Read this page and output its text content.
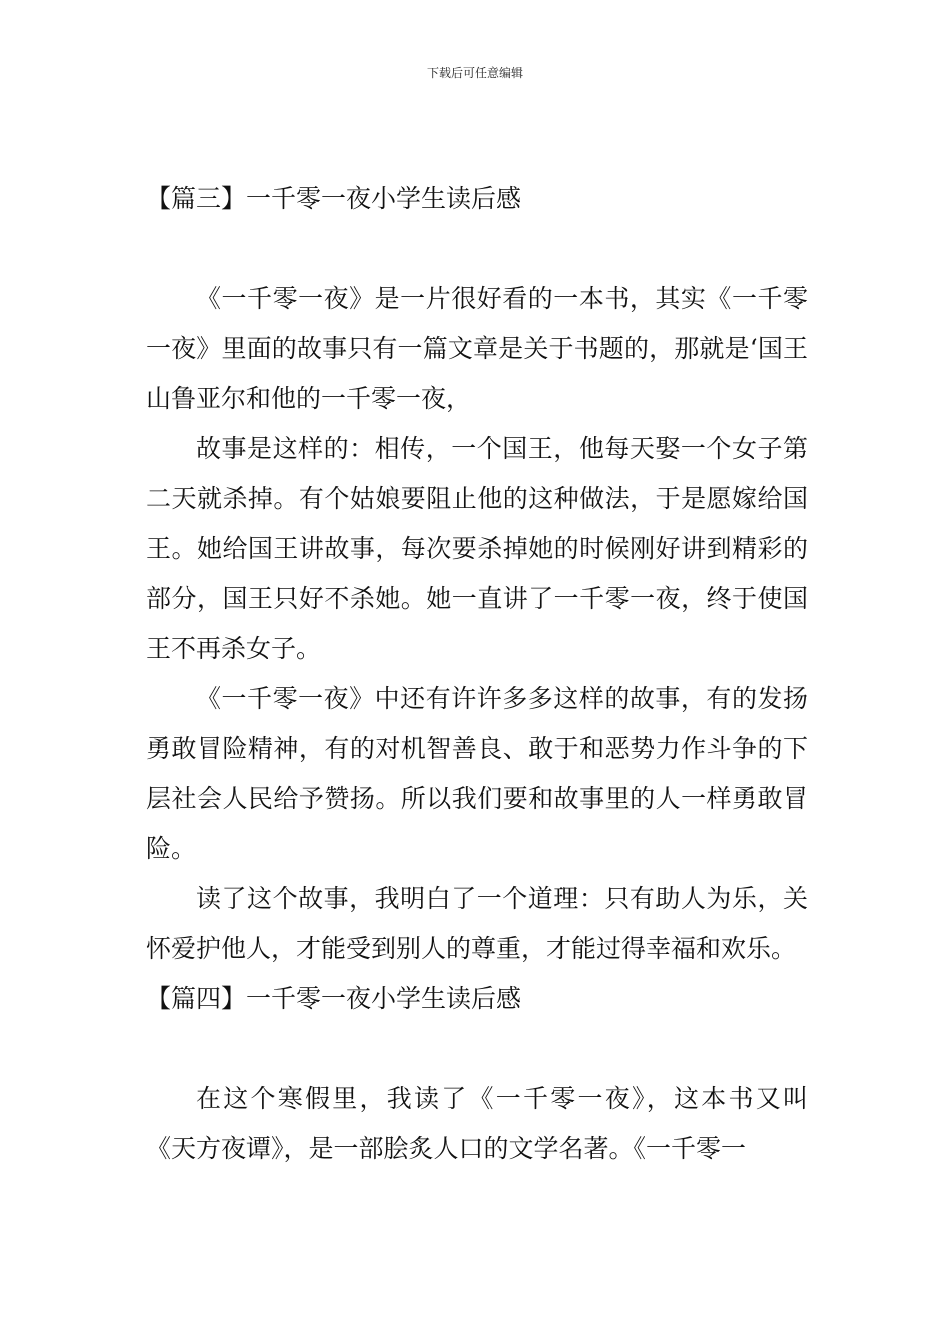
下载后可任意编辑
【篇三】一千零一夜小学生读后感

《一千零一夜》是一片很好看的一本书，其实《一千零一夜》里面的故事只有一篇文章是关于书题的，那就是‘国王山鲁亚尔和他的一千零一夜，

故事是这样的：相传，一个国王，他每天娶一个女子第二天就杀掉。有个姑娘要阻止他的这种做法，于是愿嫁给国王。她给国王讲故事，每次要杀掉她的时候刚好讲到精彩的部分，国王只好不杀她。她一直讲了一千零一夜，终于使国王不再杀女子。

《一千零一夜》中还有许许多多这样的故事，有的发扬勇敢冒险精神，有的对机智善良、敢于和恶势力作斗争的下层社会人民给予赞扬。所以我们要和故事里的人一样勇敢冒险。

读了这个故事，我明白了一个道理：只有助人为乐，关怀爱护他人，才能受到别人的尊重，才能过得幸福和欢乐。

【篇四】一千零一夜小学生读后感

在这个寒假里，我读了《一千零一夜》，这本书又叫《天方夜谭》，是一部脍炙人口的文学名著。《一千零一
